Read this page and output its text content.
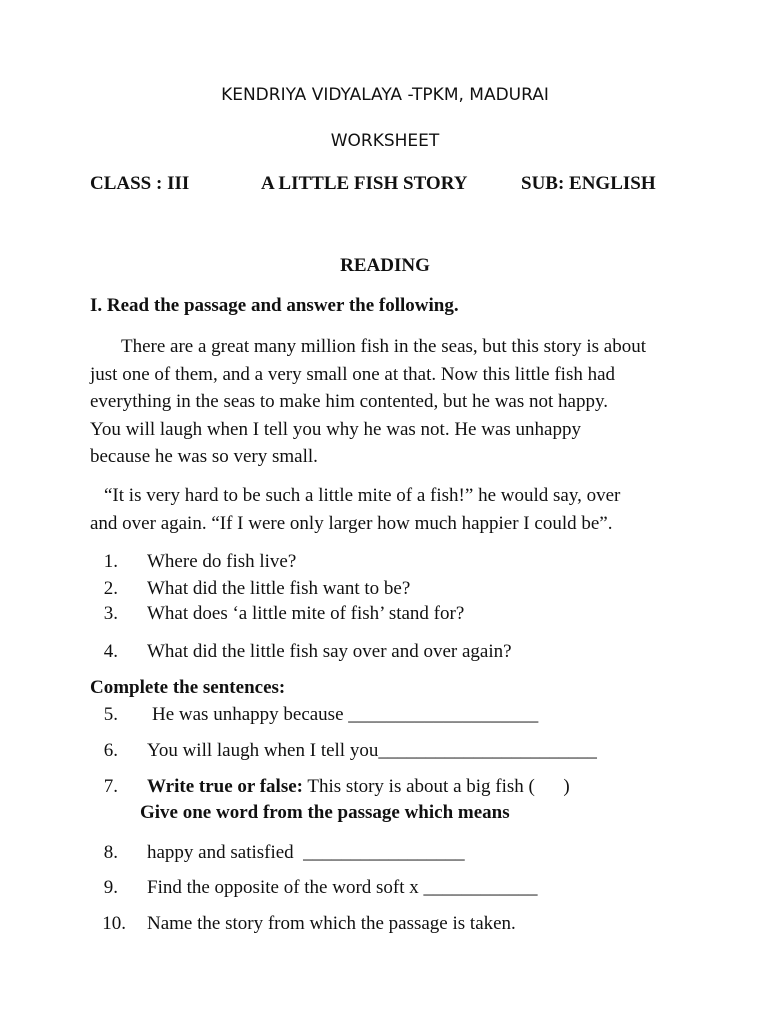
KENDRIYA VIDYALAYA -TPKM, MADURAI
WORKSHEET
CLASS : III	A LITTLE FISH STORY	SUB: ENGLISH
READING
I. Read the passage and answer the following.
There are a great many million fish in the seas, but this story is about
just one of them, and a very small one at that. Now this little fish had
everything in the seas to make him contented, but he was not happy.
You will laugh when I tell you why he was not. He was unhappy
because he was so very small.
“It is very hard to be such a little mite of a fish!” he would say, over
and over again. “If I were only larger how much happier I could be”.
1. Where do fish live?
2. What did the little fish want to be?
3. What does ‘a little mite of fish’ stand for?
4. What did the little fish say over and over again?
Complete the sentences:
5. He was unhappy because ____________________
6. You will laugh when I tell you_______________________
7. Write true or false: This story is about a big fish (      )
Give one word from the passage which means
8. happy and satisfied  _________________
9. Find the opposite of the word soft x ____________
10. Name the story from which the passage is taken.
